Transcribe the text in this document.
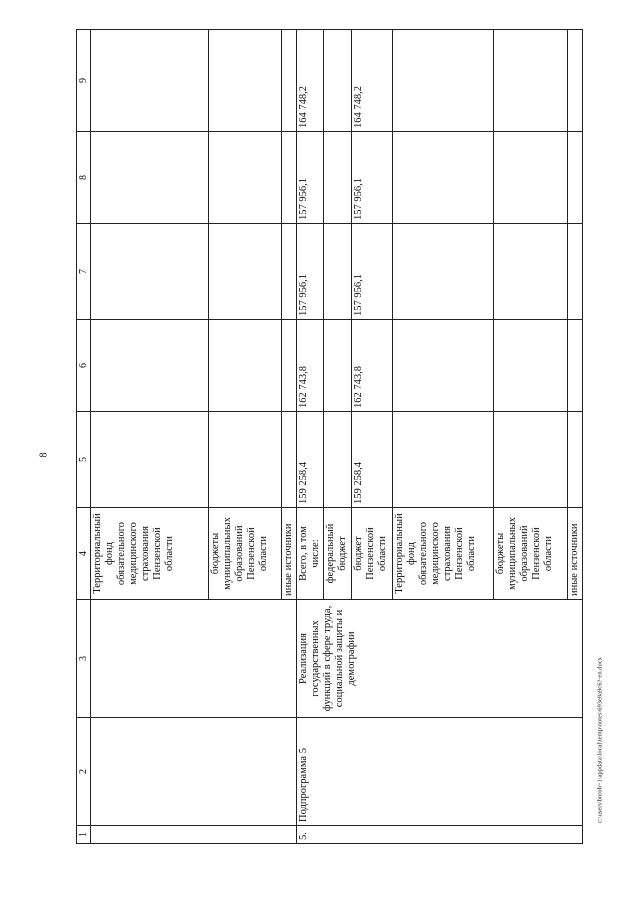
8
c:\users\borob~1\appdata\local\temp\notes\693e8a9c6?-en.docx
1	2	3	4	5	6	7	8	9
			Территориальный фонд обязательного медицинского страхования Пензенской области					
			бюджеты муниципальных образований Пензенской области					
			иные источники					
5.	Подпрограмма 5	Реализация государственных функций в сфере труда, социальной защиты и демографии	Всего, в том числе:	159 258,4	162 743,8	157 956,1	157 956,1	164 748,2
			федеральный бюджет					
			бюджет Пензенской области	159 258,4	162 743,8	157 956,1	157 956,1	164 748,2
			Территориальный фонд обязательного медицинского страхования Пензенской области					
			бюджеты муниципальных образований Пензенской области					
			иные источники					
